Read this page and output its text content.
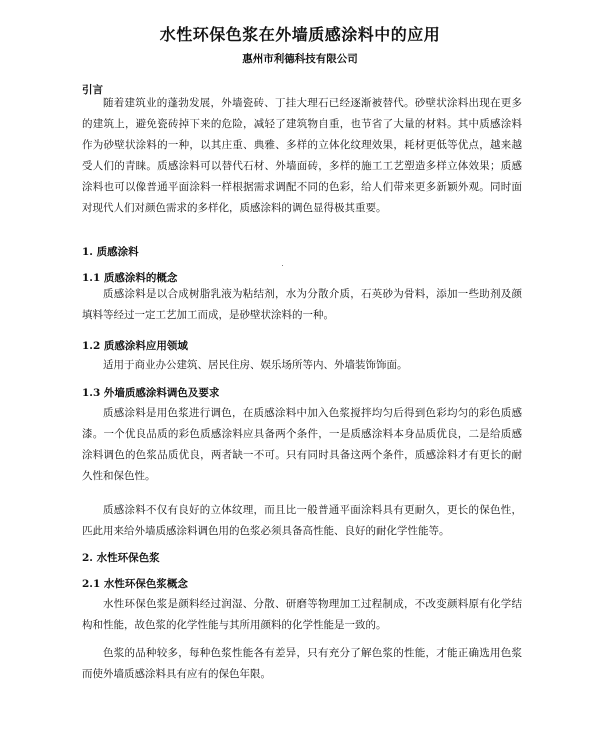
水性环保色浆在外墙质感涂料中的应用
惠州市利德科技有限公司
引言
随着建筑业的蓬勃发展，外墙瓷砖、丁挂大理石已经逐渐被替代。砂壁状涂料出现在更多的建筑上，避免瓷砖掉下来的危险，减轻了建筑物自重，也节省了大量的材料。其中质感涂料作为砂壁状涂料的一种，以其庄重、典雅、多样的立体化纹理效果，耗材更低等优点，越来越受人们的青睐。质感涂料可以替代石材、外墙面砖，多样的施工工艺塑造多样立体效果；质感涂料也可以像普通平面涂料一样根据需求调配不同的色彩，给人们带来更多新颖外观。同时面对现代人们对颜色需求的多样化，质感涂料的调色显得极其重要。
1. 质感涂料
1.1 质感涂料的概念
质感涂料是以合成树脂乳液为粘结剂，水为分散介质，石英砂为骨料，添加一些助剂及颜填料等经过一定工艺加工而成，是砂壁状涂料的一种。
1.2 质感涂料应用领域
适用于商业办公建筑、居民住房、娱乐场所等内、外墙装饰饰面。
1.3 外墙质感涂料调色及要求
质感涂料是用色浆进行调色，在质感涂料中加入色浆搅拌均匀后得到色彩均匀的彩色质感漆。一个优良品质的彩色质感涂料应具备两个条件，一是质感涂料本身品质优良，二是给质感涂料调色的色浆品质优良，两者缺一不可。只有同时具备这两个条件，质感涂料才有更长的耐久性和保色性。
质感涂料不仅有良好的立体纹理，而且比一般普通平面涂料具有更耐久，更长的保色性，匹此用来给外墙质感涂料调色用的色浆必须具备高性能、良好的耐化学性能等。
2. 水性环保色浆
2.1 水性环保色浆概念
水性环保色浆是颜料经过润湿、分散、研磨等物理加工过程制成，不改变颜料原有化学结构和性能，故色浆的化学性能与其所用颜料的化学性能是一致的。
色浆的品种较多，每种色浆性能各有差异，只有充分了解色浆的性能，才能正确选用色浆而使外墙质感涂料具有应有的保色年限。
